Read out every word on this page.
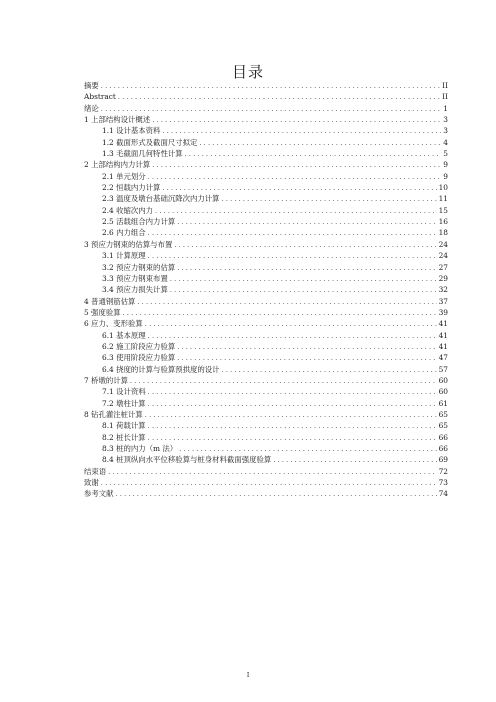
目录
摘要 .....	II
Abstract .....	II
绪论 .....	1
1 上部结构设计概述 .....	3
1.1 设计基本资料 .....	3
1.2 截面形式及截面尺寸拟定 .....	4
1.3 毛截面几何特性计算 .....	5
2 上部结构内力计算 .....	9
2.1 单元划分 .....	9
2.2 恒载内力计算 .....	10
2.3 温度及墩台基础沉降次内力计算 .....	11
2.4 收缩次内力 .....	15
2.5 活载组合内力计算 .....	16
2.6 内力组合 .....	18
3 预应力钢束的估算与布置 .....	24
3.1 计算原理 .....	24
3.2 预应力钢束的估算 .....	27
3.3 预应力钢束布置 .....	29
3.4 预应力损失计算 .....	32
4 普通钢筋估算 .....	37
5 强度验算 .....	39
6 应力、变形验算 .....	41
6.1 基本原理 .....	41
6.2 施工阶段应力验算 .....	41
6.3 使用阶段应力验算 .....	47
6.4 挠度的计算与验算预拱度的设计 .....	57
7 桥墩的计算 .....	60
7.1 设计资料 .....	60
7.2 墩柱计算 .....	61
8 钻孔灌注桩计算 .....	65
8.1 荷载计算 .....	65
8.2 桩长计算 .....	66
8.3 桩的内力（m 法） .....	66
8.4 桩顶纵向水平位移验算与桩身材料截面强度验算 .....	69
结束语 .....	72
致谢 .....	73
参考文献 .....	74
I
